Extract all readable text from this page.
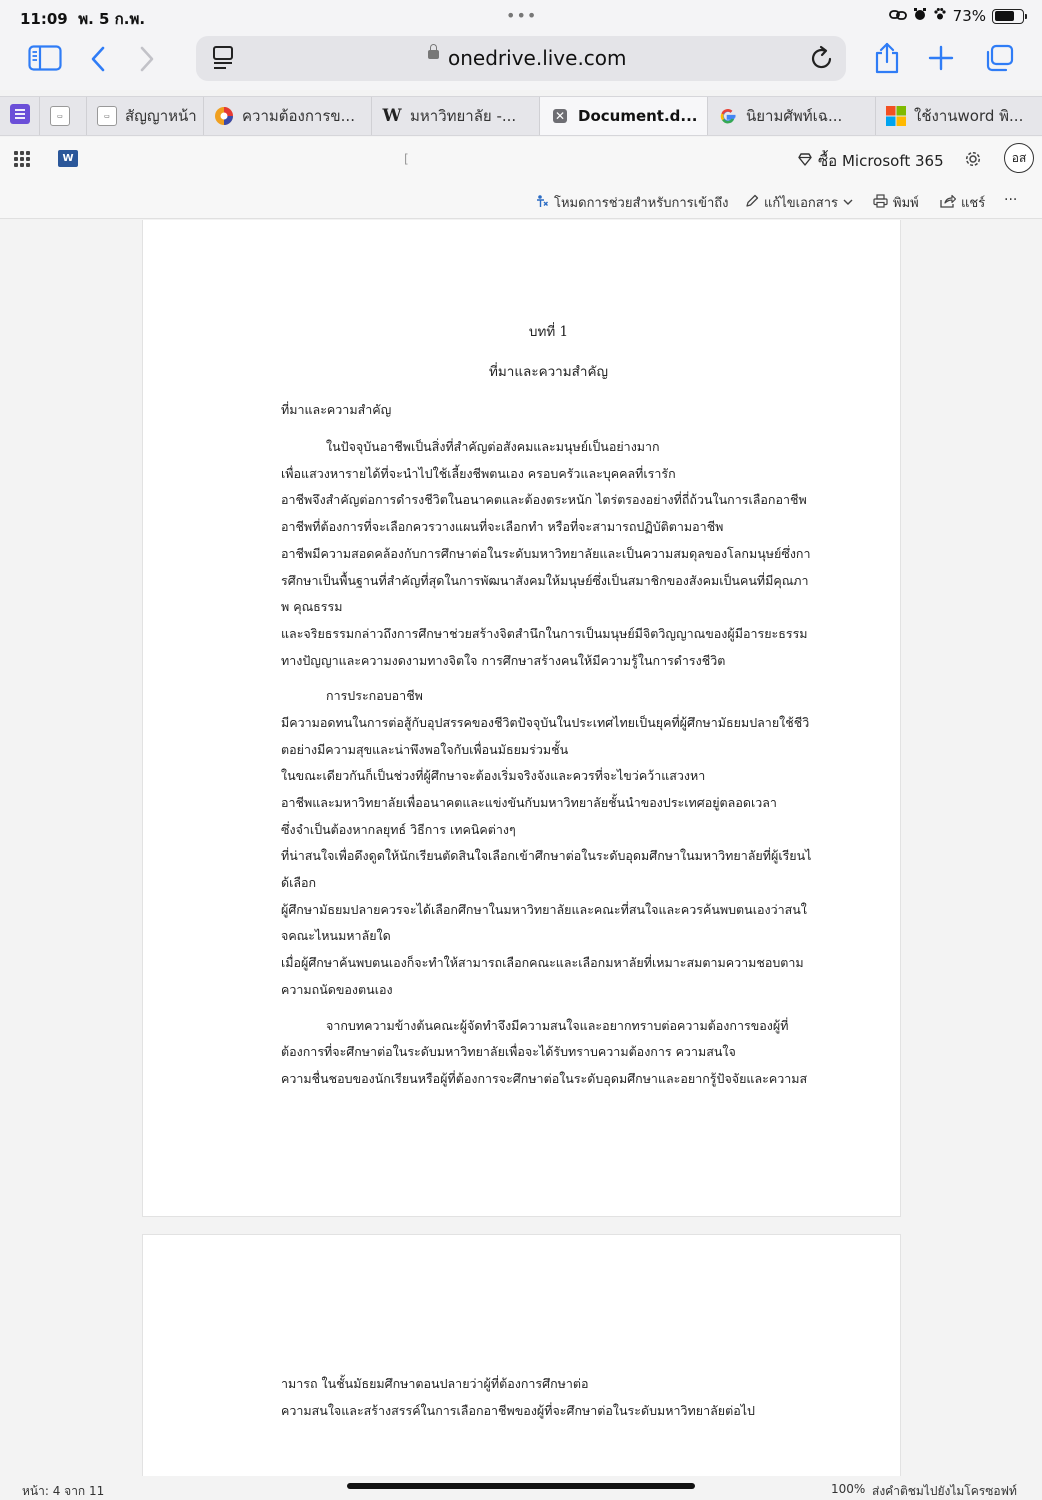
11:09 พ. 5 ก.พ.	•••	73%
onedrive.live.com
▭	▭	สัญญาหน้า	ความต้องการข... W มหาวิทยาลัย -...	✕ Document.d...	นิยามศัพท์เฉ...	ใช้งานword พิ...
W	[	ซื้อ Microsoft 365	อส
โหมดการช่วยสำหรับการเข้าถึง	แก้ไขเอกสาร	พิมพ์	แชร์ ···
บทที่ 1
ที่มาและความสำคัญ
ที่มาและความสำคัญ
ในปัจจุบันอาชีพเป็นสิ่งที่สำคัญต่อสังคมและมนุษย์เป็นอย่างมาก
เพื่อแสวงหารายได้ที่จะนำไปใช้เลี้ยงชีพตนเอง ครอบครัวและบุคคลที่เรารัก
อาชีพจึงสำคัญต่อการดำรงชีวิตในอนาคตและต้องตระหนัก ไตร่ตรองอย่างที่ถี่ถ้วนในการเลือกอาชีพ
อาชีพที่ต้องการที่จะเลือกควรวางแผนที่จะเลือกทำ หรือที่จะสามารถปฏิบัติตามอาชีพ
อาชีพมีความสอดคล้องกับการศึกษาต่อในระดับมหาวิทยาลัยและเป็นความสมดุลของโลกมนุษย์ซึ่งกา
รศึกษาเป็นพื้นฐานที่สำคัญที่สุดในการพัฒนาสังคมให้มนุษย์ซึ่งเป็นสมาชิกของสังคมเป็นคนที่มีคุณภา
พ คุณธรรม
และจริยธรรมกล่าวถึงการศึกษาช่วยสร้างจิตสำนึกในการเป็นมนุษย์มีจิตวิญญาณของผู้มีอารยะธรรม
ทางปัญญาและความงดงามทางจิตใจ การศึกษาสร้างคนให้มีความรู้ในการดำรงชีวิต
การประกอบอาชีพ
มีความอดทนในการต่อสู้กับอุปสรรคของชีวิตปัจจุบันในประเทศไทยเป็นยุคที่ผู้ศึกษามัธยมปลายใช้ชีวิ
ตอย่างมีความสุขและน่าพึงพอใจกับเพื่อนมัธยมร่วมชั้น
ในขณะเดียวกันก็เป็นช่วงที่ผู้ศึกษาจะต้องเริ่มจริงจังและควรที่จะไขว่คว้าแสวงหา
อาชีพและมหาวิทยาลัยเพื่ออนาคตและแข่งขันกับมหาวิทยาลัยชั้นนำของประเทศอยู่ตลอดเวลา
ซึ่งจำเป็นต้องหากลยุทธ์ วิธีการ เทคนิคต่างๆ
ที่น่าสนใจเพื่อดึงดูดให้นักเรียนตัดสินใจเลือกเข้าศึกษาต่อในระดับอุดมศึกษาในมหาวิทยาลัยที่ผู้เรียนไ
ด้เลือก
ผู้ศึกษามัธยมปลายควรจะได้เลือกศึกษาในมหาวิทยาลัยและคณะที่สนใจและควรค้นพบตนเองว่าสนใ
จคณะไหนมหาลัยใด
เมื่อผู้ศึกษาค้นพบตนเองก็จะทำให้สามารถเลือกคณะและเลือกมหาลัยที่เหมาะสมตามความชอบตาม
ความถนัดของตนเอง
จากบทความข้างต้นคณะผู้จัดทำจึงมีความสนใจและอยากทราบต่อความต้องการของผู้ที่
ต้องการที่จะศึกษาต่อในระดับมหาวิทยาลัยเพื่อจะได้รับทราบความต้องการ ความสนใจ
ความชื่นชอบของนักเรียนหรือผู้ที่ต้องการจะศึกษาต่อในระดับอุดมศึกษาและอยากรู้ปัจจัยและความส
ามารถ ในชั้นมัธยมศึกษาตอนปลายว่าผู้ที่ต้องการศึกษาต่อ
ความสนใจและสร้างสรรค์ในการเลือกอาชีพของผู้ที่จะศึกษาต่อในระดับมหาวิทยาลัยต่อไป
หน้า: 4 จาก 11	100% ส่งคำติชมไปยังไมโครซอฟท์
